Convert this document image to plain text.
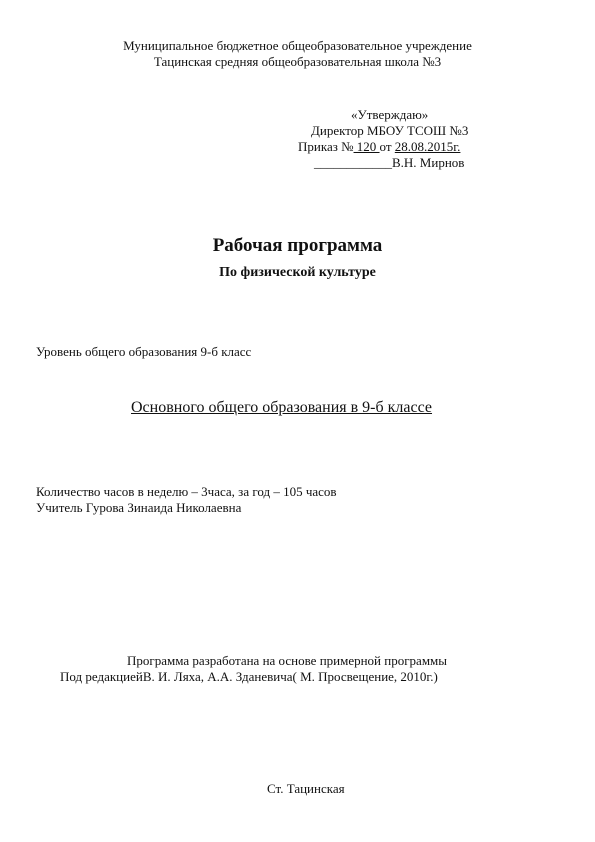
Муниципальное бюджетное общеобразовательное учреждение

Тацинская средняя общеобразовательная школа №3

«Утверждаю»

Директор МБОУ ТСОШ №3

Приказ № 120 от 28.08.2015г.

____________В.Н. Мирнов

Рабочая программа

По физической культуре

Уровень общего образования 9-б класс

Основного общего образования в 9-б классе

Количество часов в неделю – 3часа, за год – 105 часов

Учитель Гурова Зинаида Николаевна

Программа разработана на основе примерной программы

Под редакциейВ. И. Ляха, А.А. Зданевича( М. Просвещение, 2010г.)

Ст. Тацинская
